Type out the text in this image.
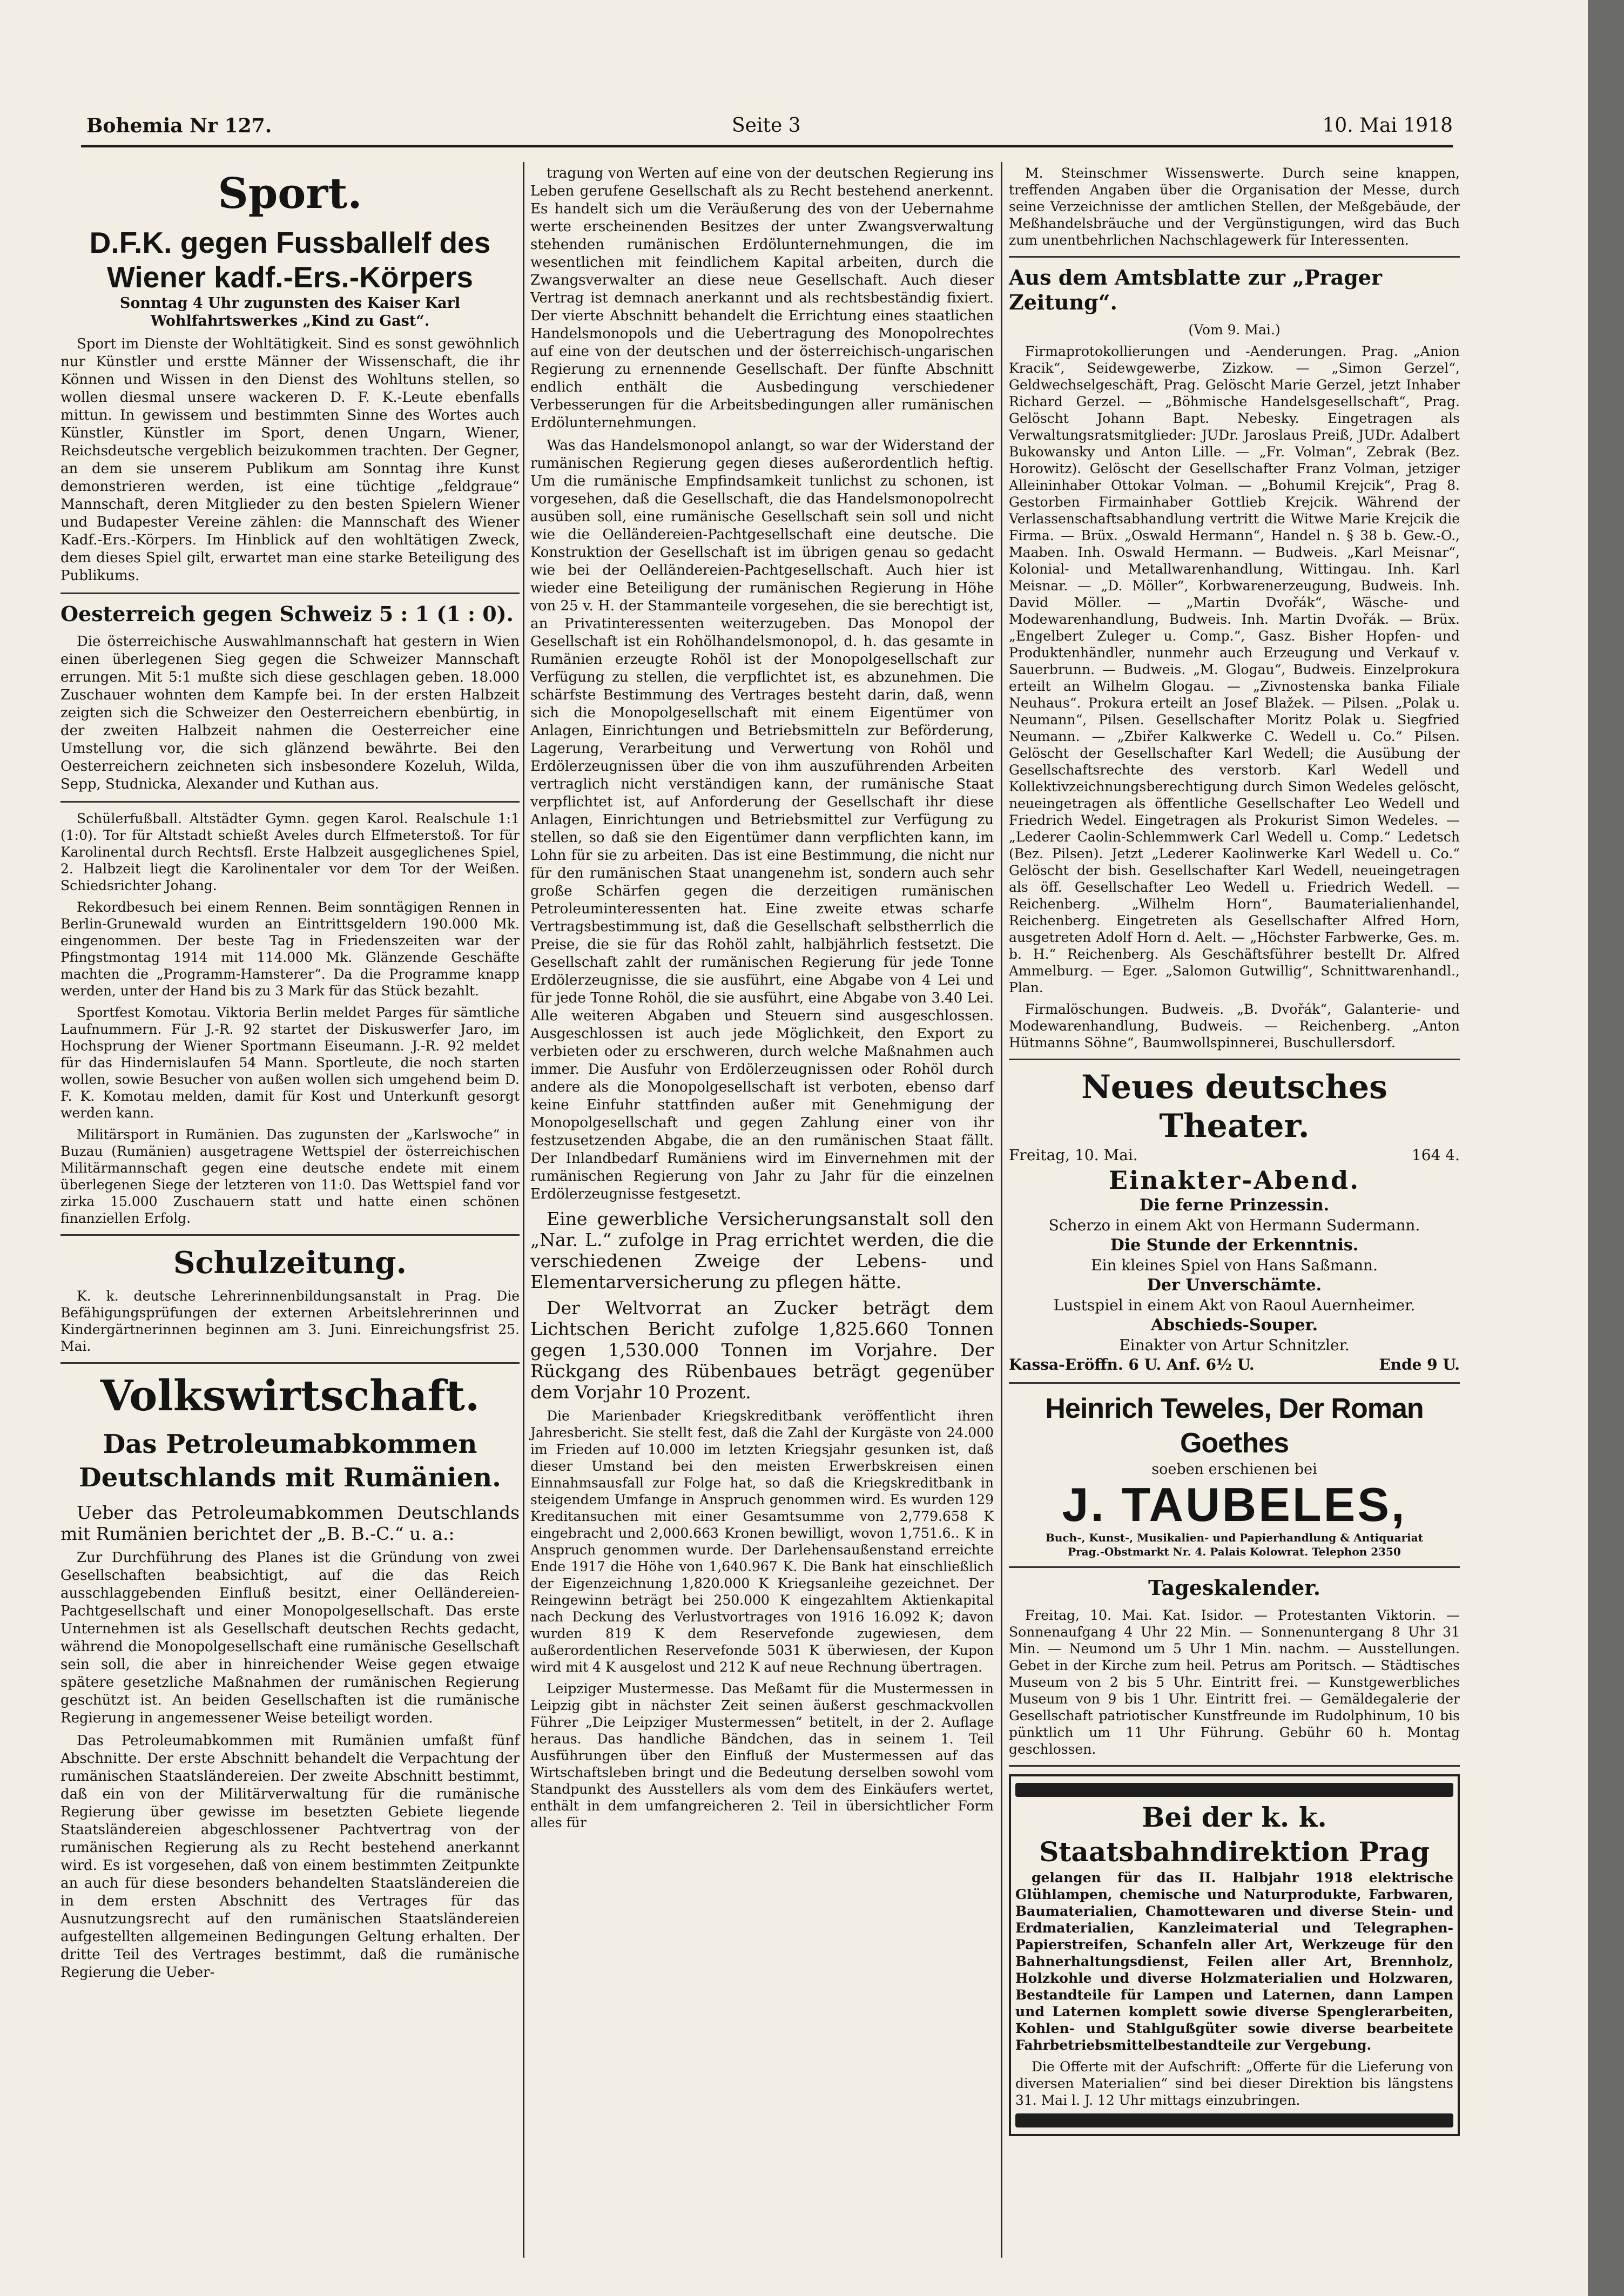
Bohemia Nr 127.	Seite 3	10. Mai 1918
Sport.
D.F.K. gegen Fussballelf des Wiener kadf.-Ers.-Körpers

Sonntag 4 Uhr zugunsten des Kaiser Karl Wohlfahrtswerkes „Kind zu Gast“.

Sport im Dienste der Wohltätigkeit. Sind es sonst gewöhnlich nur Künstler und erstte Männer der Wissenschaft, die ihr Können und Wissen in den Dienst des Wohltuns stellen, so wollen diesmal unsere wackeren D. F. K.-Leute ebenfalls mittun. In gewissem und bestimmten Sinne des Wortes auch Künstler, Künstler im Sport, denen Ungarn, Wiener, Reichsdeutsche vergeblich beizukommen trachten. Der Gegner, an dem sie unserem Publikum am Sonntag ihre Kunst demonstrieren werden, ist eine tüchtige „feldgraue“ Mannschaft, deren Mitglieder zu den besten Spielern Wiener und Budapester Vereine zählen: die Mannschaft des Wiener Kadf.-Ers.-Körpers. Im Hinblick auf den wohltätigen Zweck, dem dieses Spiel gilt, erwartet man eine starke Beteiligung des Publikums.

Oesterreich gegen Schweiz 5 : 1 (1 : 0).

Die österreichische Auswahlmannschaft hat gestern in Wien einen überlegenen Sieg gegen die Schweizer Mannschaft errungen. Mit 5:1 mußte sich diese geschlagen geben. 18.000 Zuschauer wohnten dem Kampfe bei. In der ersten Halbzeit zeigten sich die Schweizer den Oesterreichern ebenbürtig, in der zweiten Halbzeit nahmen die Oesterreicher eine Umstellung vor, die sich glänzend bewährte. Bei den Oesterreichern zeichneten sich insbesondere Kozeluh, Wilda, Sepp, Studnicka, Alexander und Kuthan aus.

Schülerfußball. Altstädter Gymn. gegen Karol. Realschule 1:1 (1:0). Tor für Altstadt schießt Aveles durch Elfmeterstoß. Tor für Karolinental durch Rechtsfl. Erste Halbzeit ausgeglichenes Spiel, 2. Halbzeit liegt die Karolinentaler vor dem Tor der Weißen. Schiedsrichter Johang.

Rekordbesuch bei einem Rennen. Beim sonntägigen Rennen in Berlin-Grunewald wurden an Eintrittsgeldern 190.000 Mk. eingenommen. Der beste Tag in Friedenszeiten war der Pfingstmontag 1914 mit 114.000 Mk. Glänzende Geschäfte machten die „Programm-Hamsterer“. Da die Programme knapp werden, unter der Hand bis zu 3 Mark für das Stück bezahlt.

Sportfest Komotau. Viktoria Berlin meldet Parges für sämtliche Laufnummern. Für J.-R. 92 startet der Diskuswerfer Jaro, im Hochsprung der Wiener Sportmann Eiseumann. J.-R. 92 meldet für das Hindernislaufen 54 Mann. Sportleute, die noch starten wollen, sowie Besucher von außen wollen sich umgehend beim D. F. K. Komotau melden, damit für Kost und Unterkunft gesorgt werden kann.

Militärsport in Rumänien. Das zugunsten der „Karlswoche“ in Buzau (Rumänien) ausgetragene Wettspiel der österreichischen Militärmannschaft gegen eine deutsche endete mit einem überlegenen Siege der letzteren von 11:0. Das Wettspiel fand vor zirka 15.000 Zuschauern statt und hatte einen schönen finanziellen Erfolg.

Schulzeitung.

K. k. deutsche Lehrerinnenbildungsanstalt in Prag. Die Befähigungsprüfungen der externen Arbeitslehrerinnen und Kindergärtnerinnen beginnen am 3. Juni. Einreichungsfrist 25. Mai.

Volkswirtschaft.
Das Petroleumabkommen Deutschlands mit Rumänien.

Ueber das Petroleumabkommen Deutschlands mit Rumänien berichtet der „B. B.-C.“ u. a.:

Zur Durchführung des Planes ist die Gründung von zwei Gesellschaften beabsichtigt, auf die das Reich ausschlaggebenden Einfluß besitzt, einer Oelländereien-Pachtgesellschaft und einer Monopolgesellschaft. Das erste Unternehmen ist als Gesellschaft deutschen Rechts gedacht, während die Monopolgesellschaft eine rumänische Gesellschaft sein soll, die aber in hinreichender Weise gegen etwaige spätere gesetzliche Maßnahmen der rumänischen Regierung geschützt ist. An beiden Gesellschaften ist die rumänische Regierung in angemessener Weise beteiligt worden.

Das Petroleumabkommen mit Rumänien umfaßt fünf Abschnitte. Der erste Abschnitt behandelt die Verpachtung der rumänischen Staatsländereien. Der zweite Abschnitt bestimmt, daß ein von der Militärverwaltung für die rumänische Regierung über gewisse im besetzten Gebiete liegende Staatsländereien abgeschlossener Pachtvertrag von der rumänischen Regierung als zu Recht bestehend anerkannt wird. Es ist vorgesehen, daß von einem bestimmten Zeitpunkte an auch für diese besonders behandelten Staatsländereien die in dem ersten Abschnitt des Vertrages für das Ausnutzungsrecht auf den rumänischen Staatsländereien aufgestellten allgemeinen Bedingungen Geltung erhalten. Der dritte Teil des Vertrages bestimmt, daß die rumänische Regierung die Ueber-

tragung von Werten auf eine von der deutschen Regierung ins Leben gerufene Gesellschaft als zu Recht bestehend anerkennt. Es handelt sich um die Veräußerung des von der Uebernahme werte erscheinenden Besitzes der unter Zwangsverwaltung stehenden rumänischen Erdölunternehmungen, die im wesentlichen mit feindlichem Kapital arbeiten, durch die Zwangsverwalter an diese neue Gesellschaft. Auch dieser Vertrag ist demnach anerkannt und als rechtsbeständig fixiert. Der vierte Abschnitt behandelt die Errichtung eines staatlichen Handelsmonopols und die Uebertragung des Monopolrechtes auf eine von der deutschen und der österreichisch-ungarischen Regierung zu ernennende Gesellschaft. Der fünfte Abschnitt endlich enthält die Ausbedingung verschiedener Verbesserungen für die Arbeitsbedingungen aller rumänischen Erdölunternehmungen.

Was das Handelsmonopol anlangt, so war der Widerstand der rumänischen Regierung gegen dieses außerordentlich heftig. Um die rumänische Empfindsamkeit tunlichst zu schonen, ist vorgesehen, daß die Gesellschaft, die das Handelsmonopolrecht ausüben soll, eine rumänische Gesellschaft sein soll und nicht wie die Oelländereien-Pachtgesellschaft eine deutsche. Die Konstruktion der Gesellschaft ist im übrigen genau so gedacht wie bei der Oelländereien-Pachtgesellschaft. Auch hier ist wieder eine Beteiligung der rumänischen Regierung in Höhe von 25 v. H. der Stammanteile vorgesehen, die sie berechtigt ist, an Privatinteressenten weiterzugeben. Das Monopol der Gesellschaft ist ein Rohölhandelsmonopol, d. h. das gesamte in Rumänien erzeugte Rohöl ist der Monopolgesellschaft zur Verfügung zu stellen, die verpflichtet ist, es abzunehmen. Die schärfste Bestimmung des Vertrages besteht darin, daß, wenn sich die Monopolgesellschaft mit einem Eigentümer von Anlagen, Einrichtungen und Betriebsmitteln zur Beförderung, Lagerung, Verarbeitung und Verwertung von Rohöl und Erdölerzeugnissen über die von ihm auszuführenden Arbeiten vertraglich nicht verständigen kann, der rumänische Staat verpflichtet ist, auf Anforderung der Gesellschaft ihr diese Anlagen, Einrichtungen und Betriebsmittel zur Verfügung zu stellen, so daß sie den Eigentümer dann verpflichten kann, im Lohn für sie zu arbeiten. Das ist eine Bestimmung, die nicht nur für den rumänischen Staat unangenehm ist, sondern auch sehr große Schärfen gegen die derzeitigen rumänischen Petroleuminteressenten hat. Eine zweite etwas scharfe Vertragsbestimmung ist, daß die Gesellschaft selbstherrlich die Preise, die sie für das Rohöl zahlt, halbjährlich festsetzt. Die Gesellschaft zahlt der rumänischen Regierung für jede Tonne Erdölerzeugnisse, die sie ausführt, eine Abgabe von 4 Lei und für jede Tonne Rohöl, die sie ausführt, eine Abgabe von 3.40 Lei. Alle weiteren Abgaben und Steuern sind ausgeschlossen. Ausgeschlossen ist auch jede Möglichkeit, den Export zu verbieten oder zu erschweren, durch welche Maßnahmen auch immer. Die Ausfuhr von Erdölerzeugnissen oder Rohöl durch andere als die Monopolgesellschaft ist verboten, ebenso darf keine Einfuhr stattfinden außer mit Genehmigung der Monopolgesellschaft und gegen Zahlung einer von ihr festzusetzenden Abgabe, die an den rumänischen Staat fällt. Der Inlandbedarf Rumäniens wird im Einvernehmen mit der rumänischen Regierung von Jahr zu Jahr für die einzelnen Erdölerzeugnisse festgesetzt.

Eine gewerbliche Versicherungsanstalt soll den „Nar. L.“ zufolge in Prag errichtet werden, die die verschiedenen Zweige der Lebens- und Elementarversicherung zu pflegen hätte.

Der Weltvorrat an Zucker beträgt dem Lichtschen Bericht zufolge 1,825.660 Tonnen gegen 1,530.000 Tonnen im Vorjahre. Der Rückgang des Rübenbaues beträgt gegenüber dem Vorjahr 10 Prozent.

Die Marienbader Kriegskreditbank veröffentlicht ihren Jahresbericht. Sie stellt fest, daß die Zahl der Kurgäste von 24.000 im Frieden auf 10.000 im letzten Kriegsjahr gesunken ist, daß dieser Umstand bei den meisten Erwerbskreisen einen Einnahmsausfall zur Folge hat, so daß die Kriegskreditbank in steigendem Umfange in Anspruch genommen wird. Es wurden 129 Kreditansuchen mit einer Gesamtsumme von 2,779.658 K eingebracht und 2,000.663 Kronen bewilligt, wovon 1,751.6.. K in Anspruch genommen wurde. Der Darlehensaußenstand erreichte Ende 1917 die Höhe von 1,640.967 K. Die Bank hat einschließlich der Eigenzeichnung 1,820.000 K Kriegsanleihe gezeichnet. Der Reingewinn beträgt bei 250.000 K eingezahltem Aktienkapital nach Deckung des Verlustvortrages von 1916 16.092 K; davon wurden 819 K dem Reservefonde zugewiesen, dem außerordentlichen Reservefonde 5031 K überwiesen, der Kupon wird mit 4 K ausgelost und 212 K auf neue Rechnung übertragen.

Leipziger Mustermesse. Das Meßamt für die Mustermessen in Leipzig gibt in nächster Zeit seinen äußerst geschmackvollen Führer „Die Leipziger Mustermessen“ betitelt, in der 2. Auflage heraus. Das handliche Bändchen, das in seinem 1. Teil Ausführungen über den Einfluß der Mustermessen auf das Wirtschaftsleben bringt und die Bedeutung derselben sowohl vom Standpunkt des Ausstellers als vom dem des Einkäufers wertet, enthält in dem umfangreicheren 2. Teil in übersichtlicher Form alles für

M. Steinschmer Wissenswerte. Durch seine knappen, treffenden Angaben über die Organisation der Messe, durch seine Verzeichnisse der amtlichen Stellen, der Meßgebäude, der Meßhandelsbräuche und der Vergünstigungen, wird das Buch zum unentbehrlichen Nachschlagewerk für Interessenten.

Aus dem Amtsblatte zur „Prager Zeitung“.

(Vom 9. Mai.)

Firmaprotokollierungen und -Aenderungen. Prag. „Anion Kracik“, Seidewgewerbe, Zizkow. — „Simon Gerzel“, Geldwechselgeschäft, Prag. Gelöscht Marie Gerzel, jetzt Inhaber Richard Gerzel. — „Böhmische Handelsgesellschaft“, Prag. Gelöscht Johann Bapt. Nebesky. Eingetragen als Verwaltungsratsmitglieder: JUDr. Jaroslaus Preiß, JUDr. Adalbert Bukowansky und Anton Lille. — „Fr. Volman“, Zebrak (Bez. Horowitz). Gelöscht der Gesellschafter Franz Volman, jetziger Alleininhaber Ottokar Volman. — „Bohumil Krejcik“, Prag 8. Gestorben Firmainhaber Gottlieb Krejcik. Während der Verlassenschaftsabhandlung vertritt die Witwe Marie Krejcik die Firma. — Brüx. „Oswald Hermann“, Handel n. § 38 b. Gew.-O., Maaben. Inh. Oswald Hermann. — Budweis. „Karl Meisnar“, Kolonial- und Metallwarenhandlung, Wittingau. Inh. Karl Meisnar. — „D. Möller“, Korbwarenerzeugung, Budweis. Inh. David Möller. — „Martin Dvořák“, Wäsche- und Modewarenhandlung, Budweis. Inh. Martin Dvořák. — Brüx. „Engelbert Zuleger u. Comp.“, Gasz. Bisher Hopfen- und Produktenhändler, nunmehr auch Erzeugung und Verkauf v. Sauerbrunn. — Budweis. „M. Glogau“, Budweis. Einzelprokura erteilt an Wilhelm Glogau. — „Zivnostenska banka Filiale Neuhaus“. Prokura erteilt an Josef Blažek. — Pilsen. „Polak u. Neumann“, Pilsen. Gesellschafter Moritz Polak u. Siegfried Neumann. — „Zbiřer Kalkwerke C. Wedell u. Co.“ Pilsen. Gelöscht der Gesellschafter Karl Wedell; die Ausübung der Gesellschaftsrechte des verstorb. Karl Wedell und Kollektivzeichnungsberechtigung durch Simon Wedeles gelöscht, neueingetragen als öffentliche Gesellschafter Leo Wedell und Friedrich Wedel. Eingetragen als Prokurist Simon Wedeles. — „Lederer Caolin-Schlemmwerk Carl Wedell u. Comp.“ Ledetsch (Bez. Pilsen). Jetzt „Lederer Kaolinwerke Karl Wedell u. Co.“ Gelöscht der bish. Gesellschafter Karl Wedell, neueingetragen als öff. Gesellschafter Leo Wedell u. Friedrich Wedell. — Reichenberg. „Wilhelm Horn“, Baumaterialienhandel, Reichenberg. Eingetreten als Gesellschafter Alfred Horn, ausgetreten Adolf Horn d. Aelt. — „Höchster Farbwerke, Ges. m. b. H.“ Reichenberg. Als Geschäftsführer bestellt Dr. Alfred Ammelburg. — Eger. „Salomon Gutwillig“, Schnittwarenhandl., Plan.

Firmalöschungen. Budweis. „B. Dvořák“, Galanterie- und Modewarenhandlung, Budweis. — Reichenberg. „Anton Hütmanns Söhne“, Baumwollspinnerei, Buschullersdorf.

Neues deutsches Theater.
Freitag, 10. Mai.	164 4.
Einakter-Abend.
Die ferne Prinzessin.
Scherzo in einem Akt von Hermann Sudermann.
Die Stunde der Erkenntnis.
Ein kleines Spiel von Hans Saßmann.
Der Unverschämte.
Lustspiel in einem Akt von Raoul Auernheimer.
Abschieds-Souper.
Einakter von Artur Schnitzler.
Kassa-Eröffn. 6 U. Anf. 6½ U.	Ende 9 U.
Heinrich Teweles, Der Roman Goethes
soeben erschienen bei
J. TAUBELES,
Buch-, Kunst-, Musikalien- und Papierhandlung & Antiquariat
Prag.-Obstmarkt Nr. 4. Palais Kolowrat. Telephon 2350
Tageskalender.

Freitag, 10. Mai. Kat. Isidor. — Protestanten Viktorin. — Sonnenaufgang 4 Uhr 22 Min. — Sonnenuntergang 8 Uhr 31 Min. — Neumond um 5 Uhr 1 Min. nachm. — Ausstellungen. Gebet in der Kirche zum heil. Petrus am Poritsch. — Städtisches Museum von 2 bis 5 Uhr. Eintritt frei. — Kunstgewerbliches Museum von 9 bis 1 Uhr. Eintritt frei. — Gemäldegalerie der Gesellschaft patriotischer Kunstfreunde im Rudolphinum, 10 bis pünktlich um 11 Uhr Führung. Gebühr 60 h. Montag geschlossen.

Bei der k. k. Staatsbahndirektion Prag

gelangen für das II. Halbjahr 1918 elektrische Glühlampen, chemische und Naturprodukte, Farbwaren, Baumaterialien, Chamottewaren und diverse Stein- und Erdmaterialien, Kanzleimaterial und Telegraphen-Papierstreifen, Schanfeln aller Art, Werkzeuge für den Bahnerhaltungsdienst, Feilen aller Art, Brennholz, Holzkohle und diverse Holzmaterialien und Holzwaren, Bestandteile für Lampen und Laternen, dann Lampen und Laternen komplett sowie diverse Spenglerarbeiten, Kohlen- und Stahlgußgüter sowie diverse bearbeitete Fahrbetriebsmittelbestandteile zur Vergebung.

Die Offerte mit der Aufschrift: „Offerte für die Lieferung von diversen Materialien“ sind bei dieser Direktion bis längstens 31. Mai l. J. 12 Uhr mittags einzubringen.
